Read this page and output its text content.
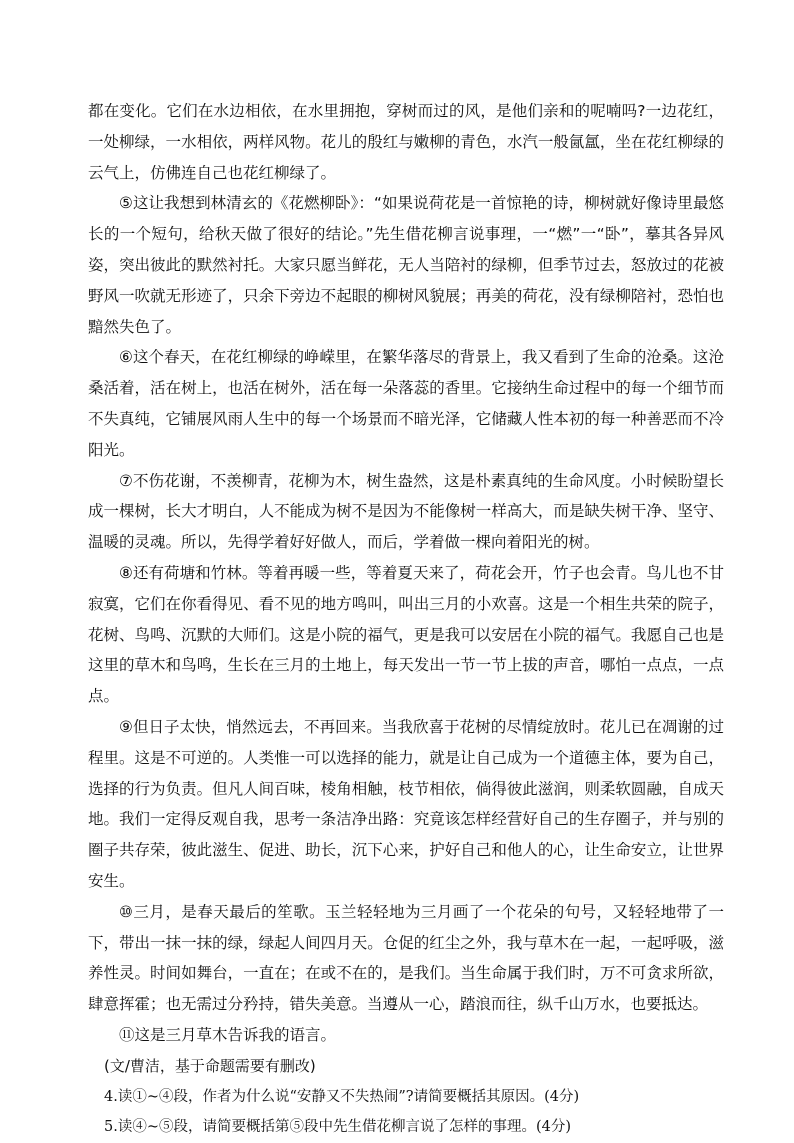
都在变化。它们在水边相依，在水里拥抱，穿树而过的风，是他们亲和的呢喃吗?一边花红，一处柳绿，一水相依，两样风物。花儿的殷红与嫩柳的青色，水汽一般氤氲，坐在花红柳绿的云气上，仿佛连自己也花红柳绿了。

⑤这让我想到林清玄的《花燃柳卧》：“如果说荷花是一首惊艳的诗，柳树就好像诗里最悠长的一个短句，给秋天做了很好的结论。”先生借花柳言说事理，一“燃”一“卧”，摹其各异风姿，突出彼此的默然衬托。大家只愿当鲜花，无人当陪衬的绿柳，但季节过去，怒放过的花被野风一吹就无形迹了，只余下旁边不起眼的柳树风貌展；再美的荷花，没有绿柳陪衬，恐怕也黯然失色了。

⑥这个春天，在花红柳绿的峥嵘里，在繁华落尽的背景上，我又看到了生命的沧桑。这沧桑活着，活在树上，也活在树外，活在每一朵落蕊的香里。它接纳生命过程中的每一个细节而不失真纯，它铺展风雨人生中的每一个场景而不暗光泽，它储藏人性本初的每一种善恶而不冷阳光。

⑦不伤花谢，不羡柳青，花柳为木，树生盎然，这是朴素真纯的生命风度。小时候盼望长成一棵树，长大才明白，人不能成为树不是因为不能像树一样高大，而是缺失树干净、坚守、温暖的灵魂。所以，先得学着好好做人，而后，学着做一棵向着阳光的树。

⑧还有荷塘和竹林。等着再暖一些，等着夏天来了，荷花会开，竹子也会青。鸟儿也不甘寂寞，它们在你看得见、看不见的地方鸣叫，叫出三月的小欢喜。这是一个相生共荣的院子，花树、鸟鸣、沉默的大师们。这是小院的福气，更是我可以安居在小院的福气。我愿自己也是这里的草木和鸟鸣，生长在三月的土地上，每天发出一节一节上拔的声音，哪怕一点点，一点点。

⑨但日子太快，悄然远去，不再回来。当我欣喜于花树的尽情绽放时。花儿已在凋谢的过程里。这是不可逆的。人类惟一可以选择的能力，就是让自己成为一个道德主体，要为自己，选择的行为负责。但凡人间百味，棱角相触，枝节相依，倘得彼此滋润，则柔软圆融，自成天地。我们一定得反观自我，思考一条洁净出路：究竟该怎样经营好自己的生存圈子，并与别的圈子共存荣，彼此滋生、促进、助长，沉下心来，护好自己和他人的心，让生命安立，让世界安生。

⑩三月，是春天最后的笙歌。玉兰轻轻地为三月画了一个花朵的句号，又轻轻地带了一下，带出一抹一抹的绿，绿起人间四月天。仓促的红尘之外，我与草木在一起，一起呼吸，滋养性灵。时间如舞台，一直在；在或不在的，是我们。当生命属于我们时，万不可贪求所欲，肆意挥霍；也无需过分矜持，错失美意。当遵从一心，踏浪而往，纵千山万水，也要抵达。

⑪这是三月草木告诉我的语言。

(文/曹洁，基于命题需要有删改)

4.读①~④段，作者为什么说“安静又不失热闹”?请简要概括其原因。(4分)

5.读④~⑤段，请简要概括第⑤段中先生借花柳言说了怎样的事理。(4分)
